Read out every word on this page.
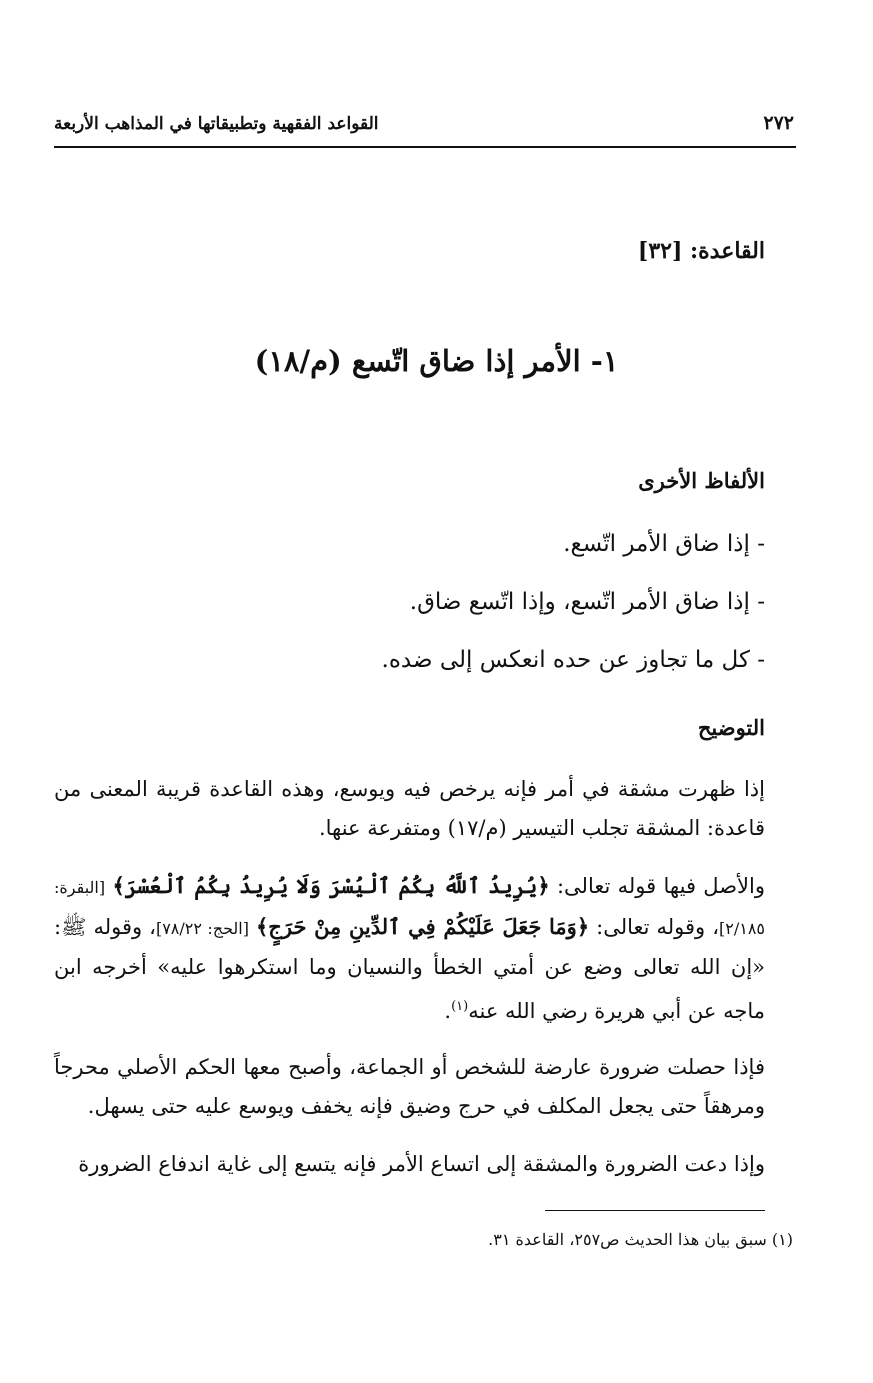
٢٧٢
القواعد الفقهية وتطبيقاتها في المذاهب الأربعة
القاعدة: [٣٢]
١- الأمر إذا ضاق اتّسع (م/١٨)
الألفاظ الأخرى
- إذا ضاق الأمر اتّسع.
- إذا ضاق الأمر اتّسع، وإذا اتّسع ضاق.
- كل ما تجاوز عن حده انعكس إلى ضده.
التوضيح

إذا ظهرت مشقة في أمر فإنه يرخص فيه ويوسع، وهذه القاعدة قريبة المعنى من قاعدة: المشقة تجلب التيسير (م/١٧) ومتفرعة عنها.

والأصل فيها قوله تعالى: ﴿يُرِيدُ ٱللَّهُ بِكُمُ ٱلْيُسْرَ وَلَا يُرِيدُ بِكُمُ ٱلْعُسْرَ﴾ [البقرة: ٢/١٨٥]، وقوله تعالى: ﴿وَمَا جَعَلَ عَلَيْكُمْ فِي ٱلدِّينِ مِنْ حَرَجٍ﴾ [الحج: ٧٨/٢٢]، وقوله ﷺ: «إن الله تعالى وضع عن أمتي الخطأ والنسيان وما استكرهوا عليه» أخرجه ابن ماجه عن أبي هريرة رضي الله عنه$^{(١)}$.

فإذا حصلت ضرورة عارضة للشخص أو الجماعة، وأصبح معها الحكم الأصلي محرجاً ومرهقاً حتى يجعل المكلف في حرج وضيق فإنه يخفف ويوسع عليه حتى يسهل.

وإذا دعت الضرورة والمشقة إلى اتساع الأمر فإنه يتسع إلى غاية اندفاع الضرورة

(١) سبق بيان هذا الحديث ص٢٥٧، القاعدة ٣١.
